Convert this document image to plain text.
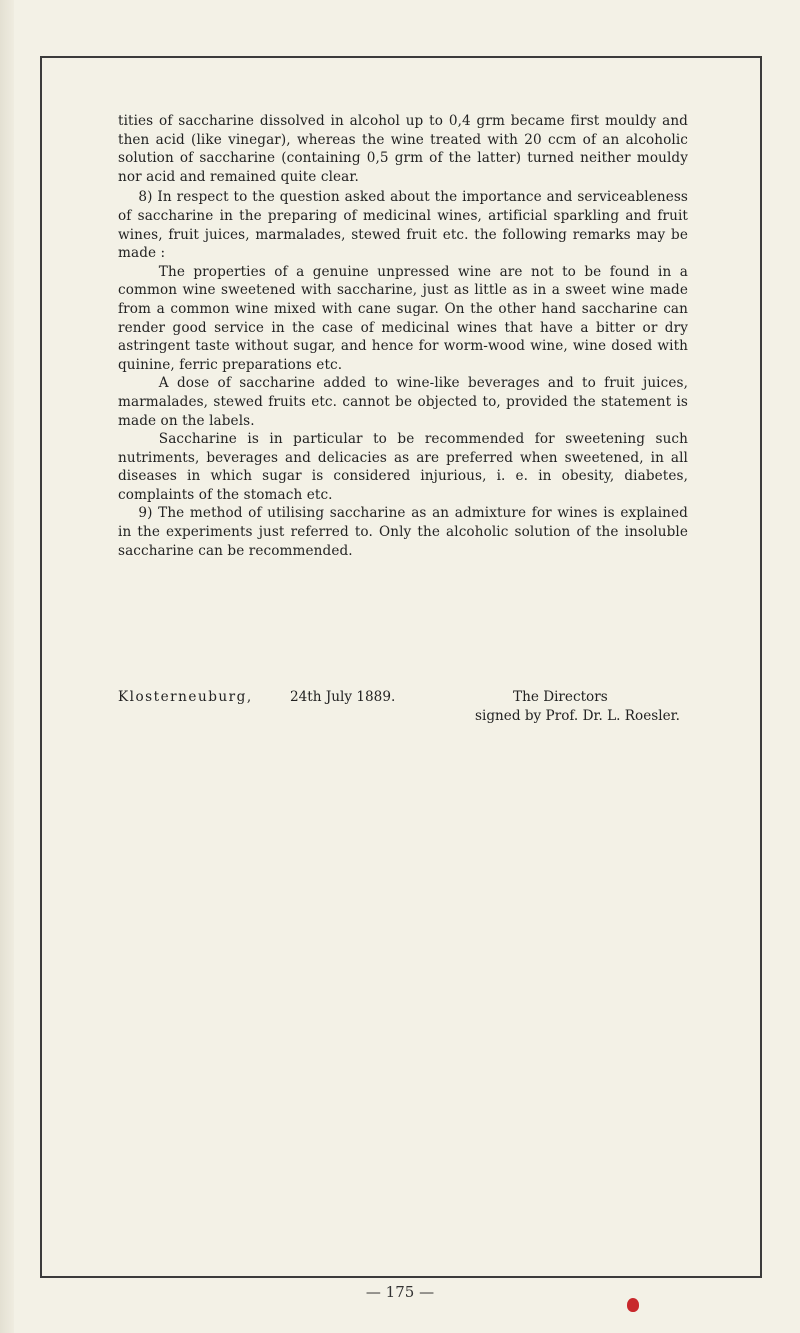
tities of saccharine dissolved in alcohol up to 0,4 grm became first mouldy and then acid (like vinegar), whereas the wine treated with 20 ccm of an alcoholic solution of saccharine (containing 0,5 grm of the latter) turned neither mouldy nor acid and remained quite clear.

8) In respect to the question asked about the importance and serviceableness of saccharine in the preparing of medicinal wines, artificial sparkling and fruit wines, fruit juices, marmalades, stewed fruit etc. the following remarks may be made :

The properties of a genuine unpressed wine are not to be found in a common wine sweetened with saccharine, just as little as in a sweet wine made from a common wine mixed with cane sugar. On the other hand saccharine can render good service in the case of medicinal wines that have a bitter or dry astringent taste without sugar, and hence for worm-wood wine, wine dosed with quinine, ferric preparations etc.

A dose of saccharine added to wine-like beverages and to fruit juices, marmalades, stewed fruits etc. cannot be objected to, provided the statement is made on the labels.

Saccharine is in particular to be recommended for sweetening such nutriments, beverages and delicacies as are preferred when sweetened, in all diseases in which sugar is considered injurious, i. e. in obesity, diabetes, complaints of the stomach etc.

9) The method of utilising saccharine as an admixture for wines is explained in the experiments just referred to. Only the alcoholic solution of the insoluble saccharine can be recommended.

Klosterneuburg,	24th July 1889.	The Directors
signed by Prof. Dr. L. Roesler.
— 175 —
